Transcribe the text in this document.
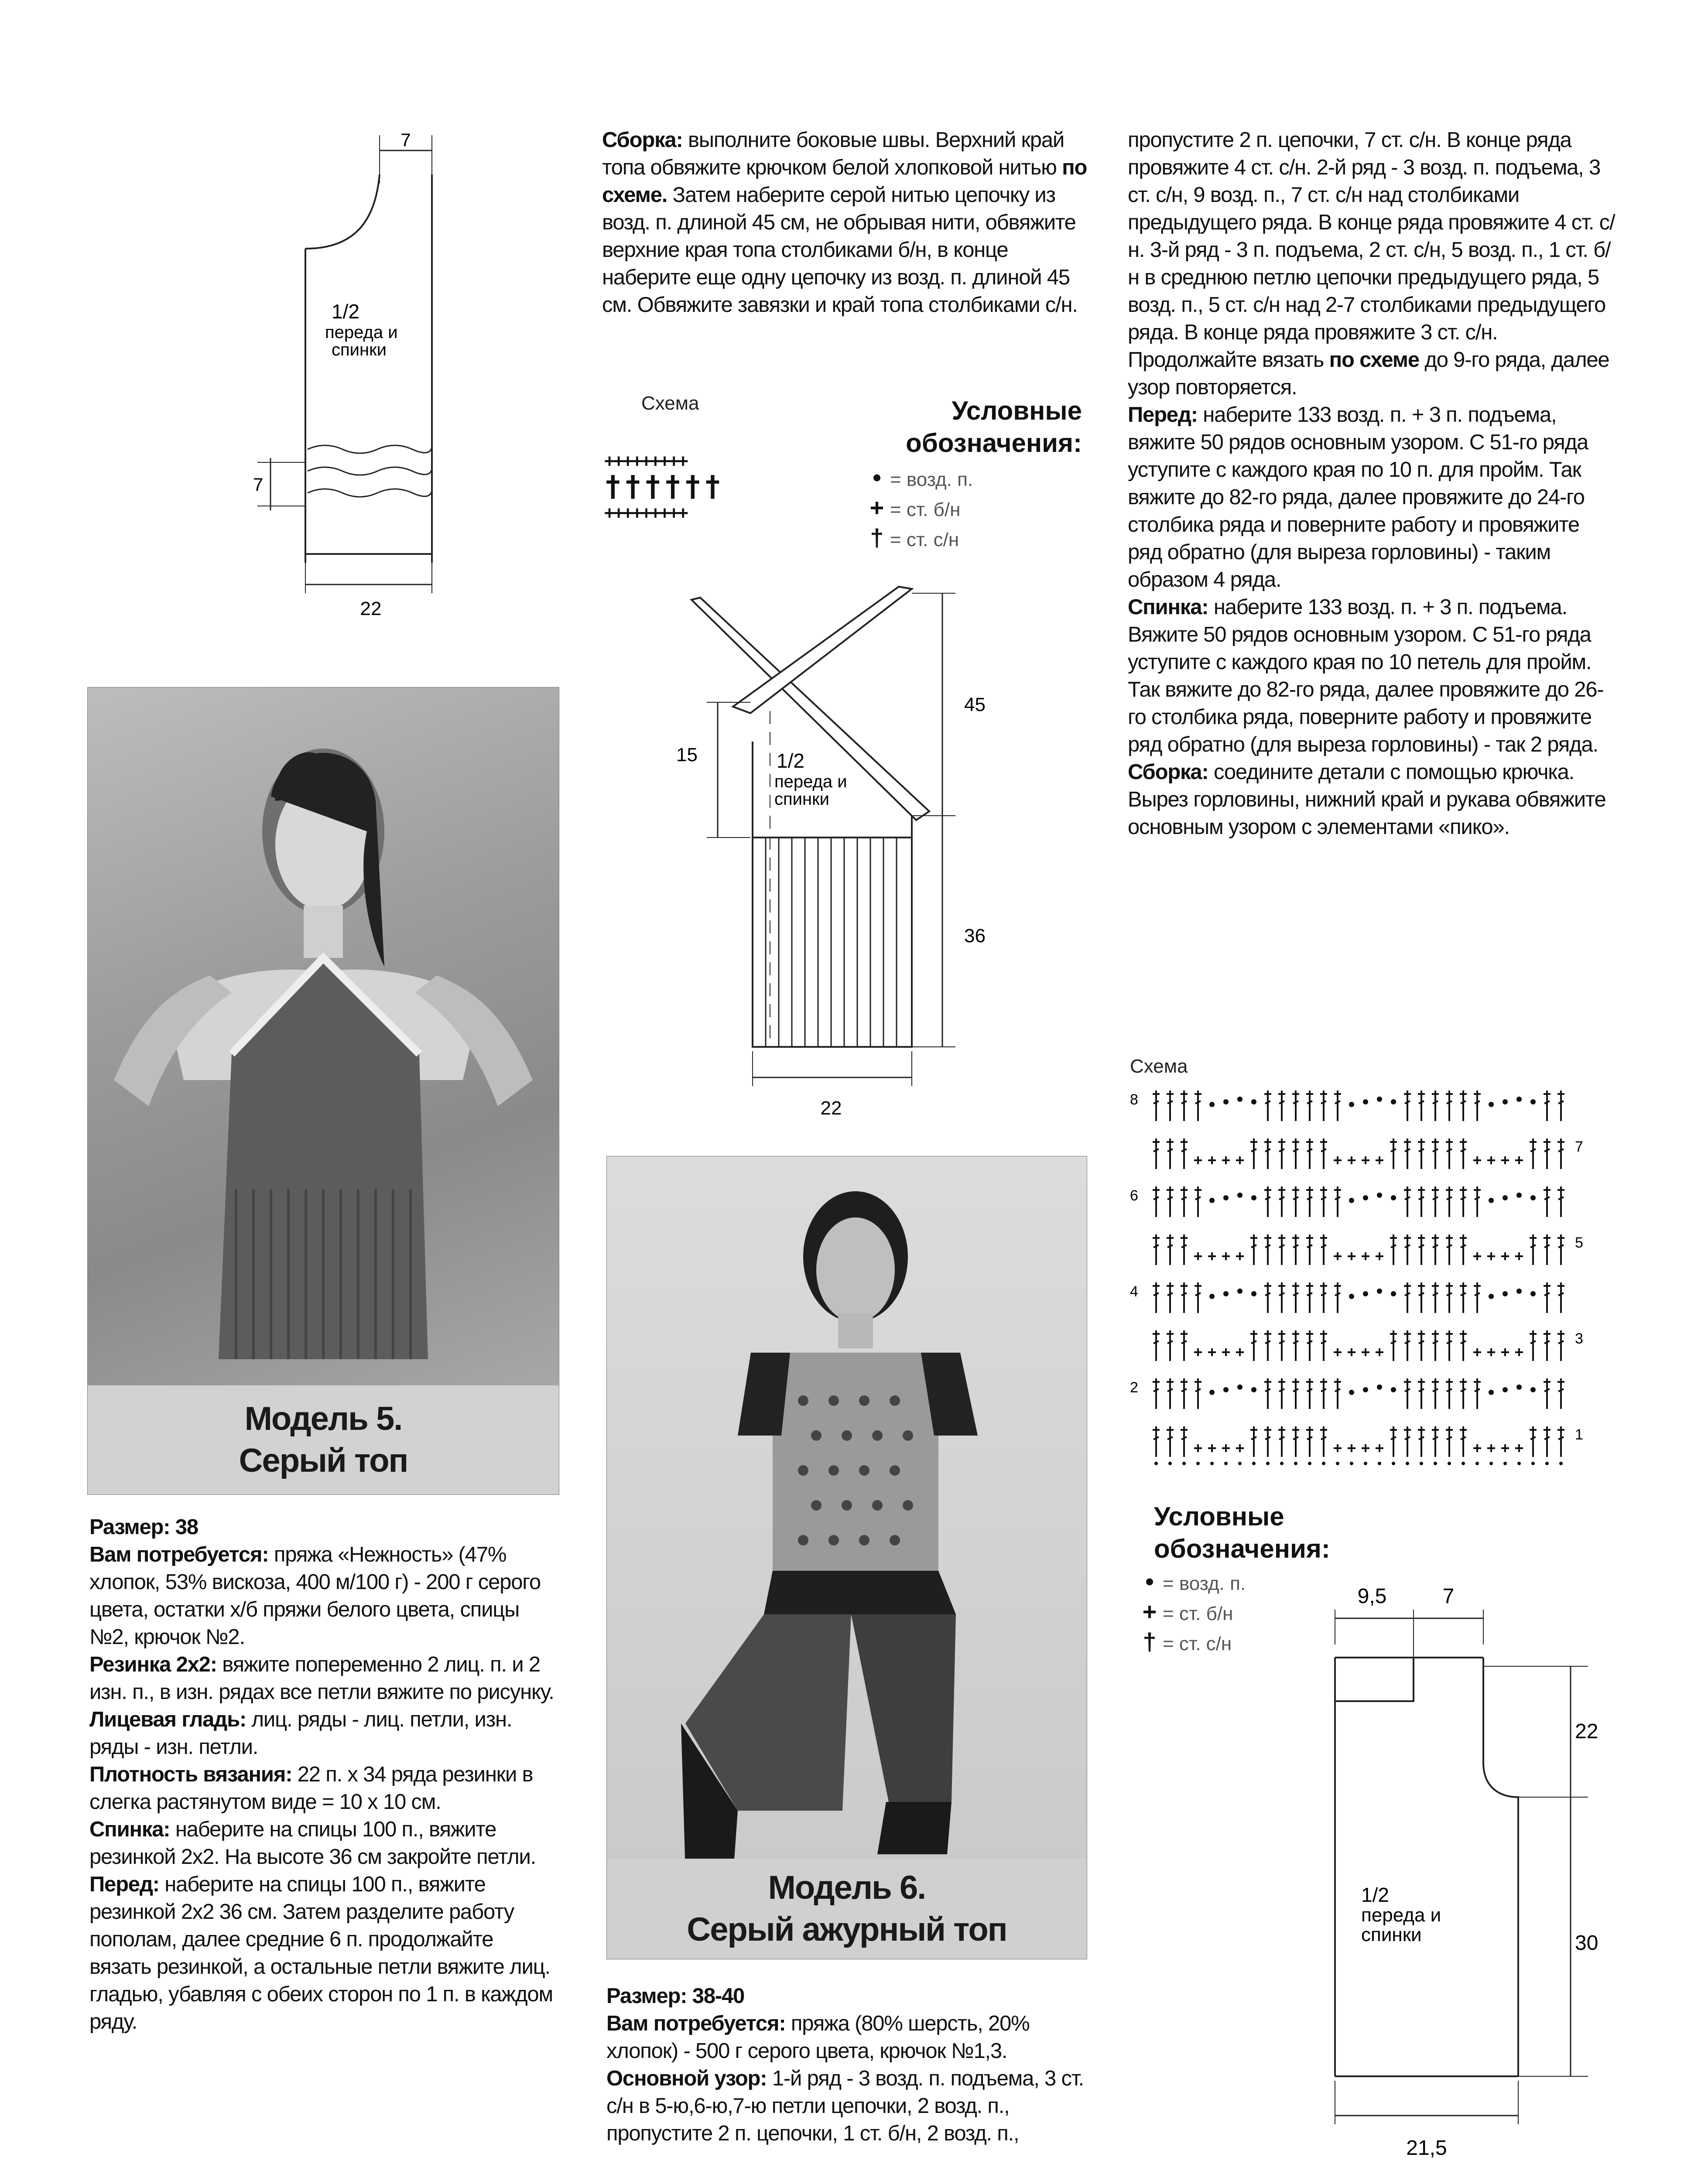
7
7
22
1/2
переда и
спинки
Модель 5.
Серый топ

Размер: 38

Вам потребуется: пряжа «Нежность» (47% хлопок, 53% вискоза, 400 м/100 г) - 200 г серого цвета, остатки х/б пряжи белого цвета, спицы №2, крючок №2.

Резинка 2х2: вяжите попеременно 2 лиц. п. и 2 изн. п., в изн. рядах все петли вяжите по рисунку.

Лицевая гладь: лиц. ряды - лиц. петли, изн. ряды - изн. петли.

Плотность вязания: 22 п. х 34 ряда резинки в слегка растянутом виде = 10 х 10 см.

Спинка: наберите на спицы 100 п., вяжите резинкой 2х2. На высоте 36 см закройте петли.

Перед: наберите на спицы 100 п., вяжите резинкой 2х2 36 см. Затем разделите работу пополам, далее средние 6 п. продолжайте вязать резинкой, а остальные петли вяжите лиц. гладью, убавляя с обеих сторон по 1 п. в каждом ряду.

Сборка: выполните боковые швы. Верхний край топа обвяжите крючком белой хлопковой нитью по схеме. Затем наберите серой нитью цепочку из возд. п. длиной 45 см, не обрывая нити, обвяжите верхние края топа столбиками б/н, в конце наберите еще одну цепочку из возд. п. длиной 45 см. Обвяжите завязки и край топа столбиками с/н.

Схема
+++++++++
††††††
+++++++++
Условные
обозначения:
• = возд. п.
+ = ст. б/н
† = ст. с/н
45
15
36
22
1/2
переда и
спинки
Модель 6.
Серый ажурный топ

Размер: 38-40

Вам потребуется: пряжа (80% шерсть, 20% хлопок) - 500 г серого цвета, крючок №1,3.

Основной узор: 1-й ряд - 3 возд. п. подъема, 3 ст. с/н в 5-ю,6-ю,7-ю петли цепочки, 2 возд. п., пропустите 2 п. цепочки, 1 ст. б/н, 2 возд. п.,

пропустите 2 п. цепочки, 7 ст. с/н. В конце ряда провяжите 4 ст. с/н. 2-й ряд - 3 возд. п. подъема, 3 ст. с/н, 9 возд. п., 7 ст. с/н над столбиками предыдущего ряда. В конце ряда провяжите 4 ст. с/н. 3-й ряд - 3 п. подъема, 2 ст. с/н, 5 возд. п., 1 ст. б/н в среднюю петлю цепочки предыдущего ряда, 5 возд. п., 5 ст. с/н над 2-7 столбиками предыдущего ряда. В конце ряда провяжите 3 ст. с/н. Продолжайте вязать по схеме до 9-го ряда, далее узор повторяется.

Перед: наберите 133 возд. п. + 3 п. подъема, вяжите 50 рядов основным узором. С 51-го ряда уступите с каждого края по 10 п. для пройм. Так вяжите до 82-го ряда, далее провяжите до 24-го столбика ряда и поверните работу и провяжите ряд обратно (для выреза горловины) - таким образом 4 ряда.

Спинка: наберите 133 возд. п. + 3 п. подъема. Вяжите 50 рядов основным узором. С 51-го ряда уступите с каждого края по 10 петель для пройм. Так вяжите до 82-го ряда, далее провяжите до 26-го столбика ряда, поверните работу и провяжите ряд обратно (для выреза горловины) - так 2 ряда.

Сборка: соедините детали с помощью крючка. Вырез горловины, нижний край и рукава обвяжите основным узором с элементами «пико».

Схема
8
7
6
5
4
3
2
1
Условные
обозначения:
• = возд. п.
+ = ст. б/н
† = ст. с/н
9,5	7
22
30
21,5
1/2
переда и
спинки
